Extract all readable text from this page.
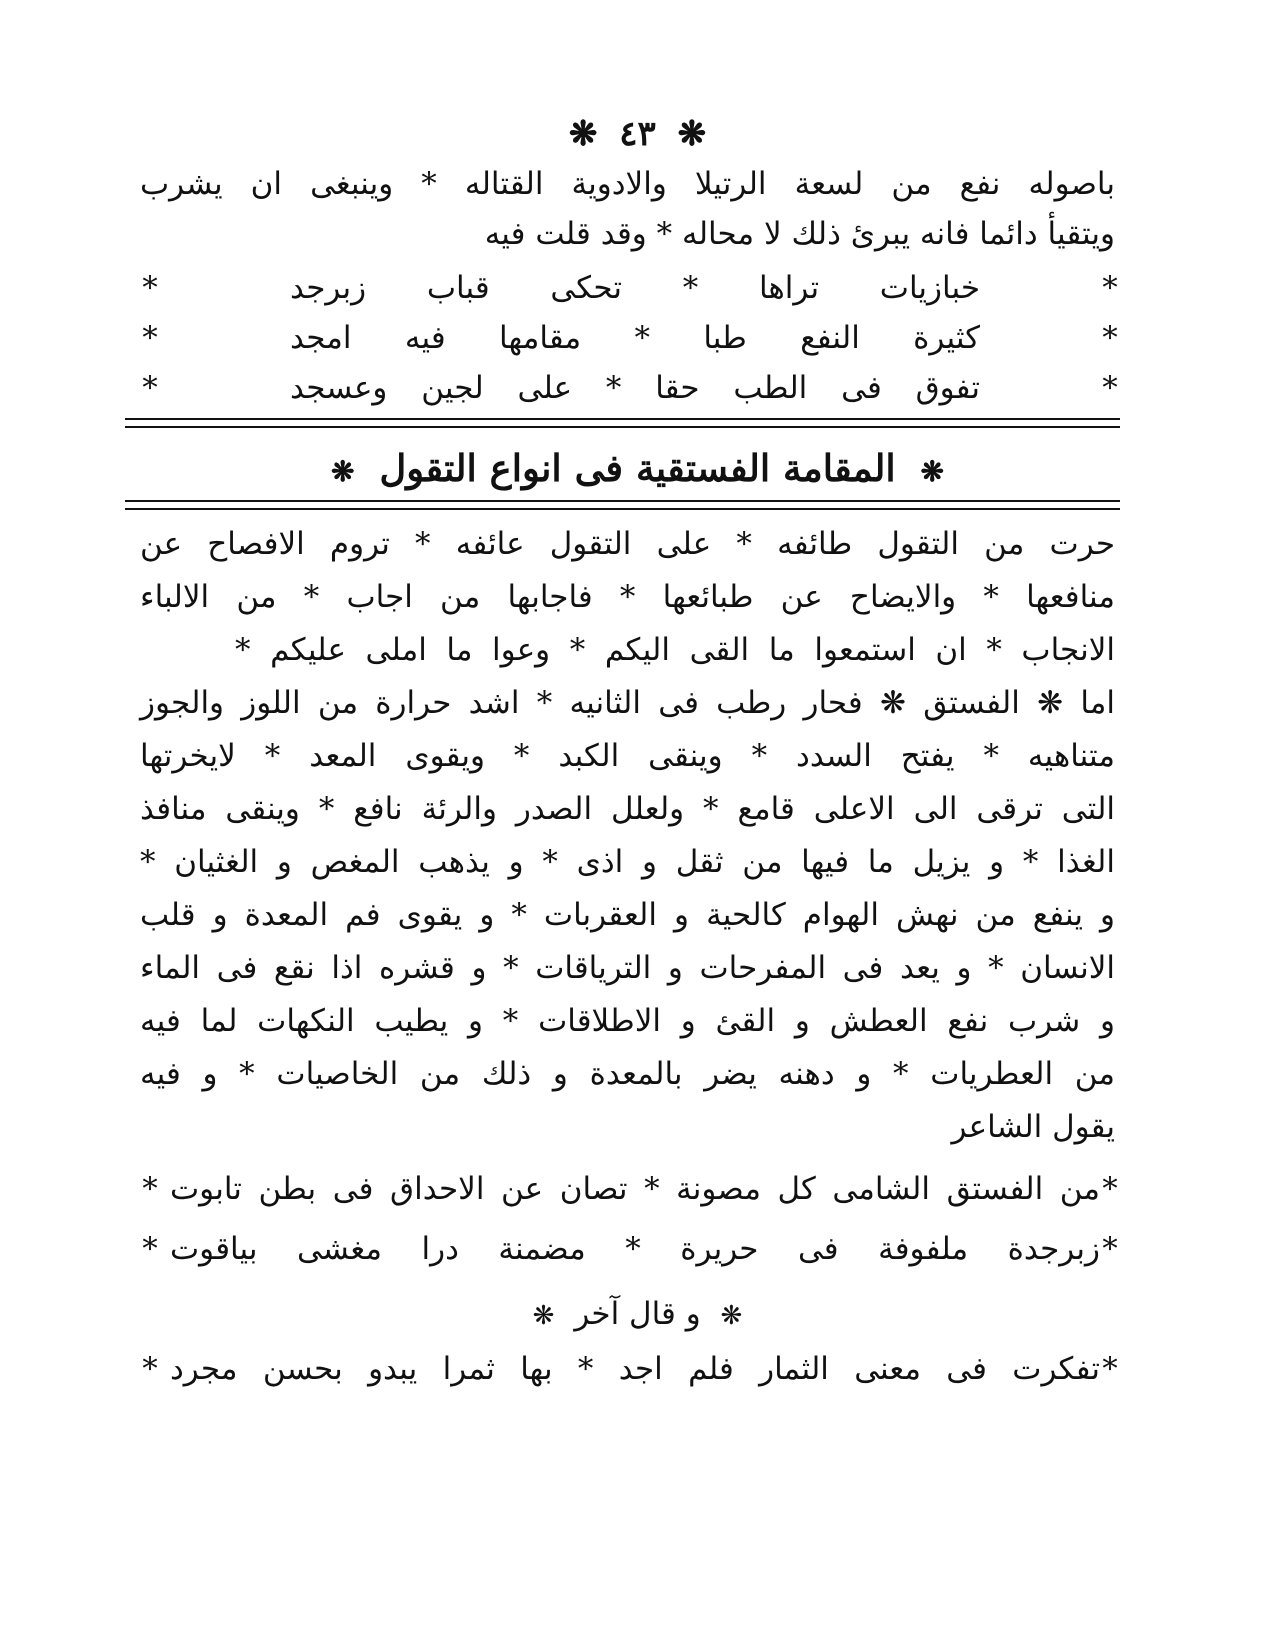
❋ ٤٣ ❋
باصوله نفع من لسعة الرتيلا والادوية القتاله * وينبغى ان يشرب
ويتقيأ دائما فانه يبرئ ذلك لا محاله * وقد قلت فيه
*
خبازيات تراها * تحكى قباب زبرجد
*
*
كثيرة النفع طبا * مقامها فيه امجد
*
*
تفوق فى الطب حقا * على لجين وعسجد
*
❋ المقامة الفستقية فى انواع التقول ❋
حرت من التقول طائفه * على التقول عائفه * تروم الافصاح عن
منافعها * والايضاح عن طبائعها * فاجابها من اجاب * من الالباء
الانجاب * ان استمعوا ما القى اليكم * وعوا ما املى عليكم *
اما ❋ الفستق ❋ فحار رطب فى الثانيه * اشد حرارة من اللوز والجوز
متناهيه * يفتح السدد * وينقى الكبد * ويقوى المعد * لايخرتها
التى ترقى الى الاعلى قامع * ولعلل الصدر والرئة نافع * وينقى منافذ
الغذا * و يزيل ما فيها من ثقل و اذى * و يذهب المغص و الغثيان *
و ينفع من نهش الهوام كالحية و العقربات * و يقوى فم المعدة و قلب
الانسان * و يعد فى المفرحات و الترياقات * و قشره اذا نقع فى الماء
و شرب نفع العطش و القئ و الاطلاقات * و يطيب النكهات لما فيه
من العطريات * و دهنه يضر بالمعدة و ذلك من الخاصيات * و فيه
يقول الشاعر
*
من الفستق الشامى كل مصونة * تصان عن الاحداق فى بطن تابوت
*
*
زبرجدة ملفوفة فى حريرة * مضمنة درا مغشى بياقوت
*
❋ و قال آخر ❋
*
تفكرت فى معنى الثمار فلم اجد * بها ثمرا يبدو بحسن مجرد
*
